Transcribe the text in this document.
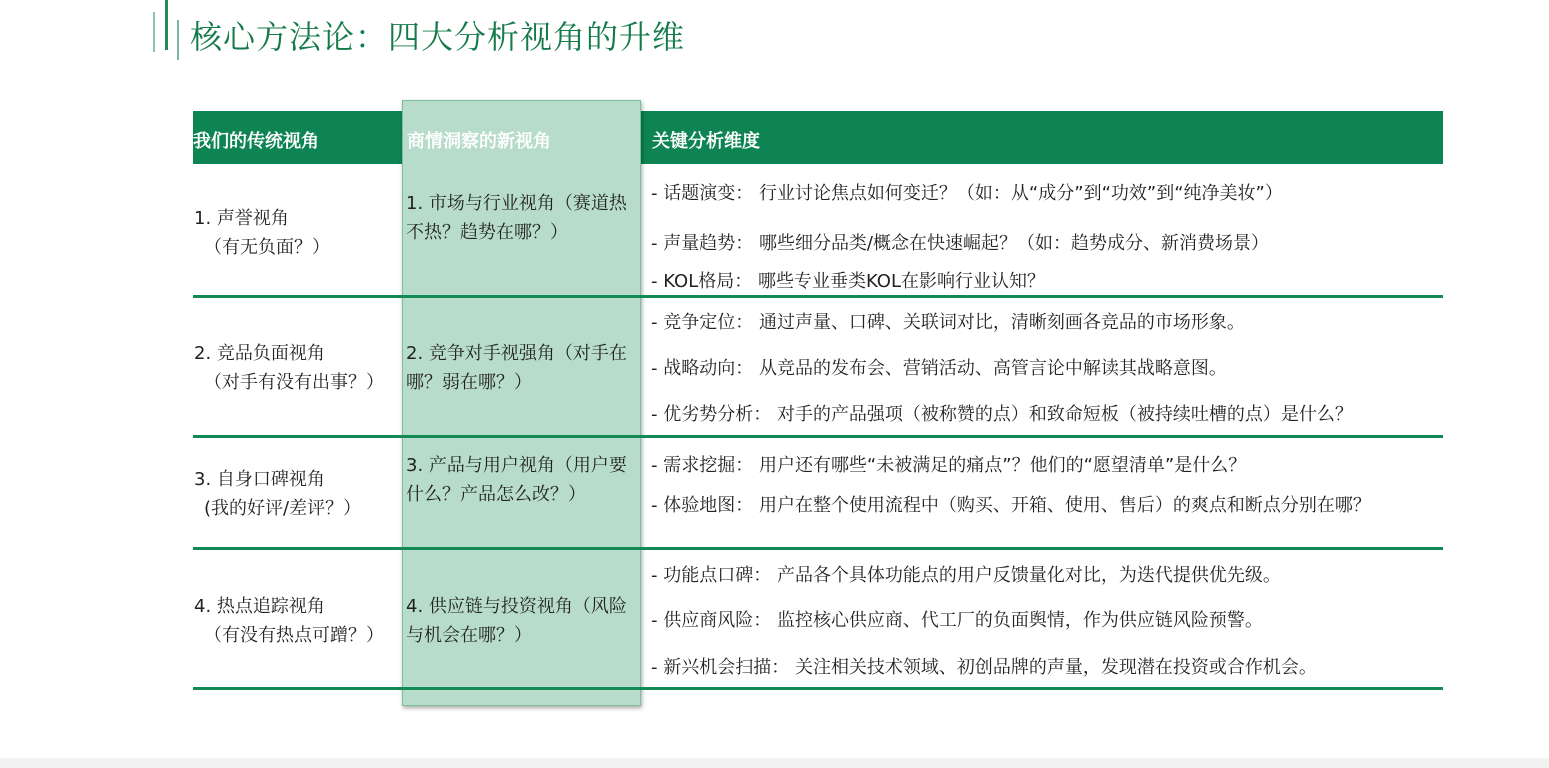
核心方法论：四大分析视角的升维
我们的传统视角	商情洞察的新视角	关键分析维度
1. 声誉视角
（有无负面？）
1. 市场与行业视角（赛道热不热？趋势在哪？）
- 话题演变： 行业讨论焦点如何变迁？（如：从“成分”到“功效”到“纯净美妆”）
- 声量趋势： 哪些细分品类/概念在快速崛起？（如：趋势成分、新消费场景）
- KOL格局： 哪些专业垂类KOL在影响行业认知？
2. 竞品负面视角
（对手有没有出事？）
2. 竞争对手视强角（对手在哪？弱在哪？）
- 竞争定位： 通过声量、口碑、关联词对比，清晰刻画各竞品的市场形象。
- 战略动向： 从竞品的发布会、营销活动、高管言论中解读其战略意图。
- 优劣势分析： 对手的产品强项（被称赞的点）和致命短板（被持续吐槽的点）是什么？
3. 自身口碑视角
(我的好评/差评？）
3. 产品与用户视角（用户要什么？产品怎么改？）
- 需求挖掘： 用户还有哪些“未被满足的痛点”？他们的“愿望清单”是什么？
- 体验地图： 用户在整个使用流程中（购买、开箱、使用、售后）的爽点和断点分别在哪？
4. 热点追踪视角
（有没有热点可蹭？）
4. 供应链与投资视角（风险与机会在哪？）
- 功能点口碑： 产品各个具体功能点的用户反馈量化对比，为迭代提供优先级。
- 供应商风险： 监控核心供应商、代工厂的负面舆情，作为供应链风险预警。
- 新兴机会扫描： 关注相关技术领域、初创品牌的声量，发现潜在投资或合作机会。
